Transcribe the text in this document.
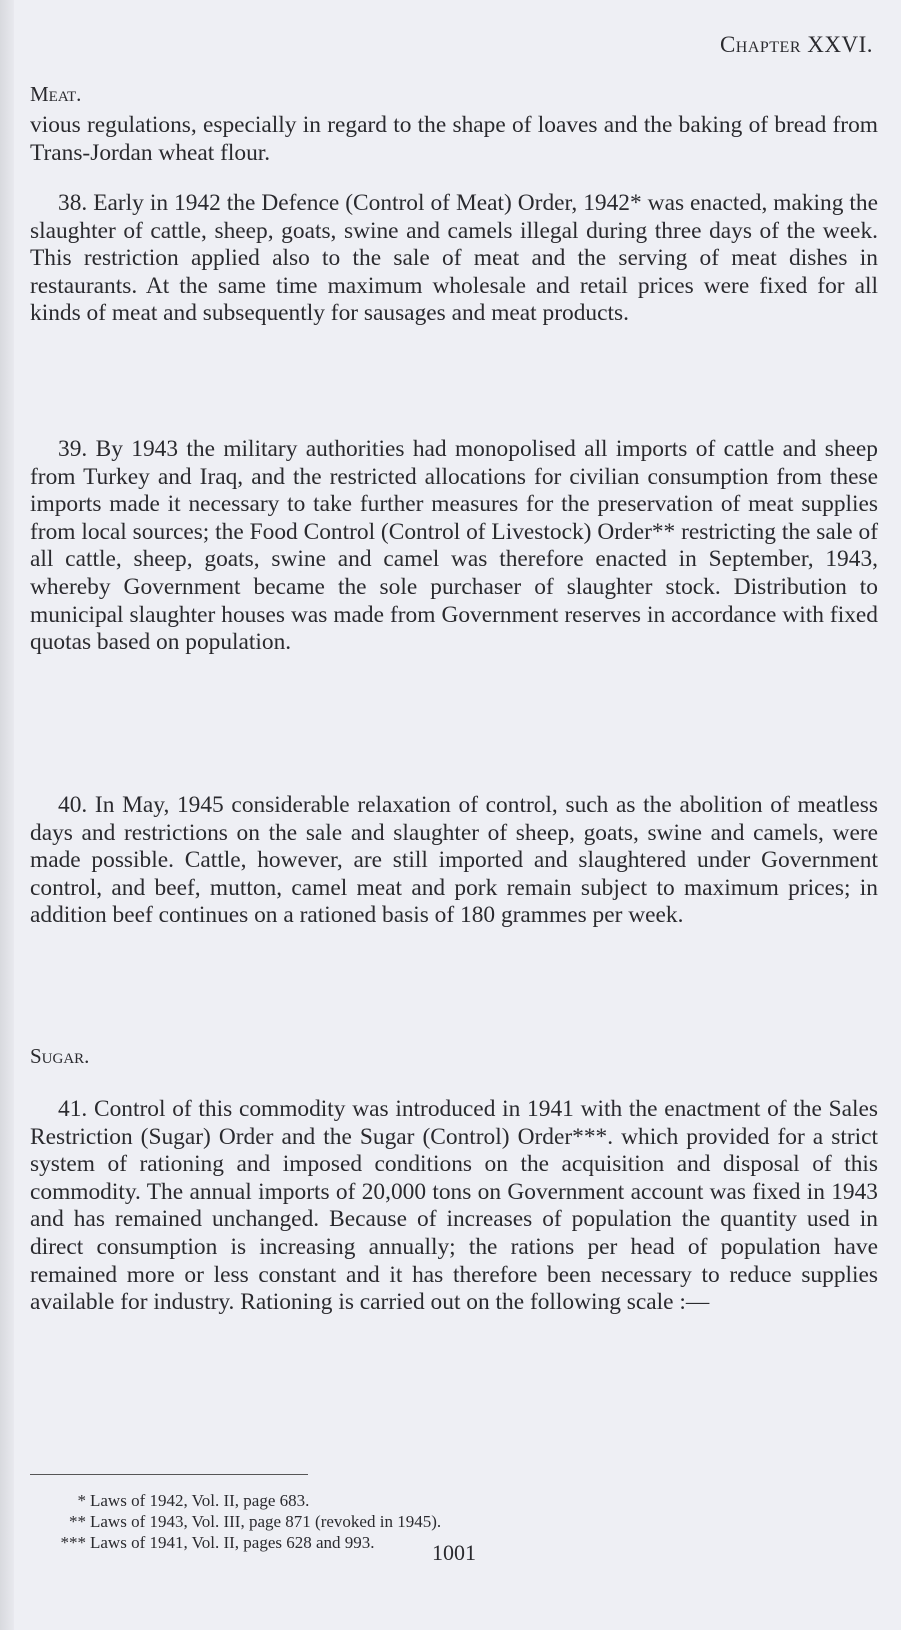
Chapter XXVI.
Meat.
vious regulations, especially in regard to the shape of loaves and the baking of bread from Trans-Jordan wheat flour.
38. Early in 1942 the Defence (Control of Meat) Order, 1942* was enacted, making the slaughter of cattle, sheep, goats, swine and camels illegal during three days of the week. This restriction applied also to the sale of meat and the serving of meat dishes in restaurants. At the same time maximum wholesale and retail prices were fixed for all kinds of meat and subsequently for sausages and meat products.
39. By 1943 the military authorities had monopolised all imports of cattle and sheep from Turkey and Iraq, and the restricted allocations for civilian consumption from these imports made it necessary to take further measures for the preservation of meat supplies from local sources; the Food Control (Control of Livestock) Order** restricting the sale of all cattle, sheep, goats, swine and camel was therefore enacted in September, 1943, whereby Government became the sole purchaser of slaughter stock. Distribution to municipal slaughter houses was made from Government reserves in accordance with fixed quotas based on population.
40. In May, 1945 considerable relaxation of control, such as the abolition of meatless days and restrictions on the sale and slaughter of sheep, goats, swine and camels, were made possible. Cattle, however, are still imported and slaughtered under Government control, and beef, mutton, camel meat and pork remain subject to maximum prices; in addition beef continues on a rationed basis of 180 grammes per week.
Sugar.
41. Control of this commodity was introduced in 1941 with the enactment of the Sales Restriction (Sugar) Order and the Sugar (Control) Order***. which provided for a strict system of rationing and imposed conditions on the acquisition and disposal of this commodity. The annual imports of 20,000 tons on Government account was fixed in 1943 and has remained unchanged. Because of increases of population the quantity used in direct consumption is increasing annually; the rations per head of population have remained more or less constant and it has therefore been necessary to reduce supplies available for industry. Rationing is carried out on the following scale :—
* Laws of 1942, Vol. II, page 683.
** Laws of 1943, Vol. III, page 871 (revoked in 1945).
*** Laws of 1941, Vol. II, pages 628 and 993.	1001
